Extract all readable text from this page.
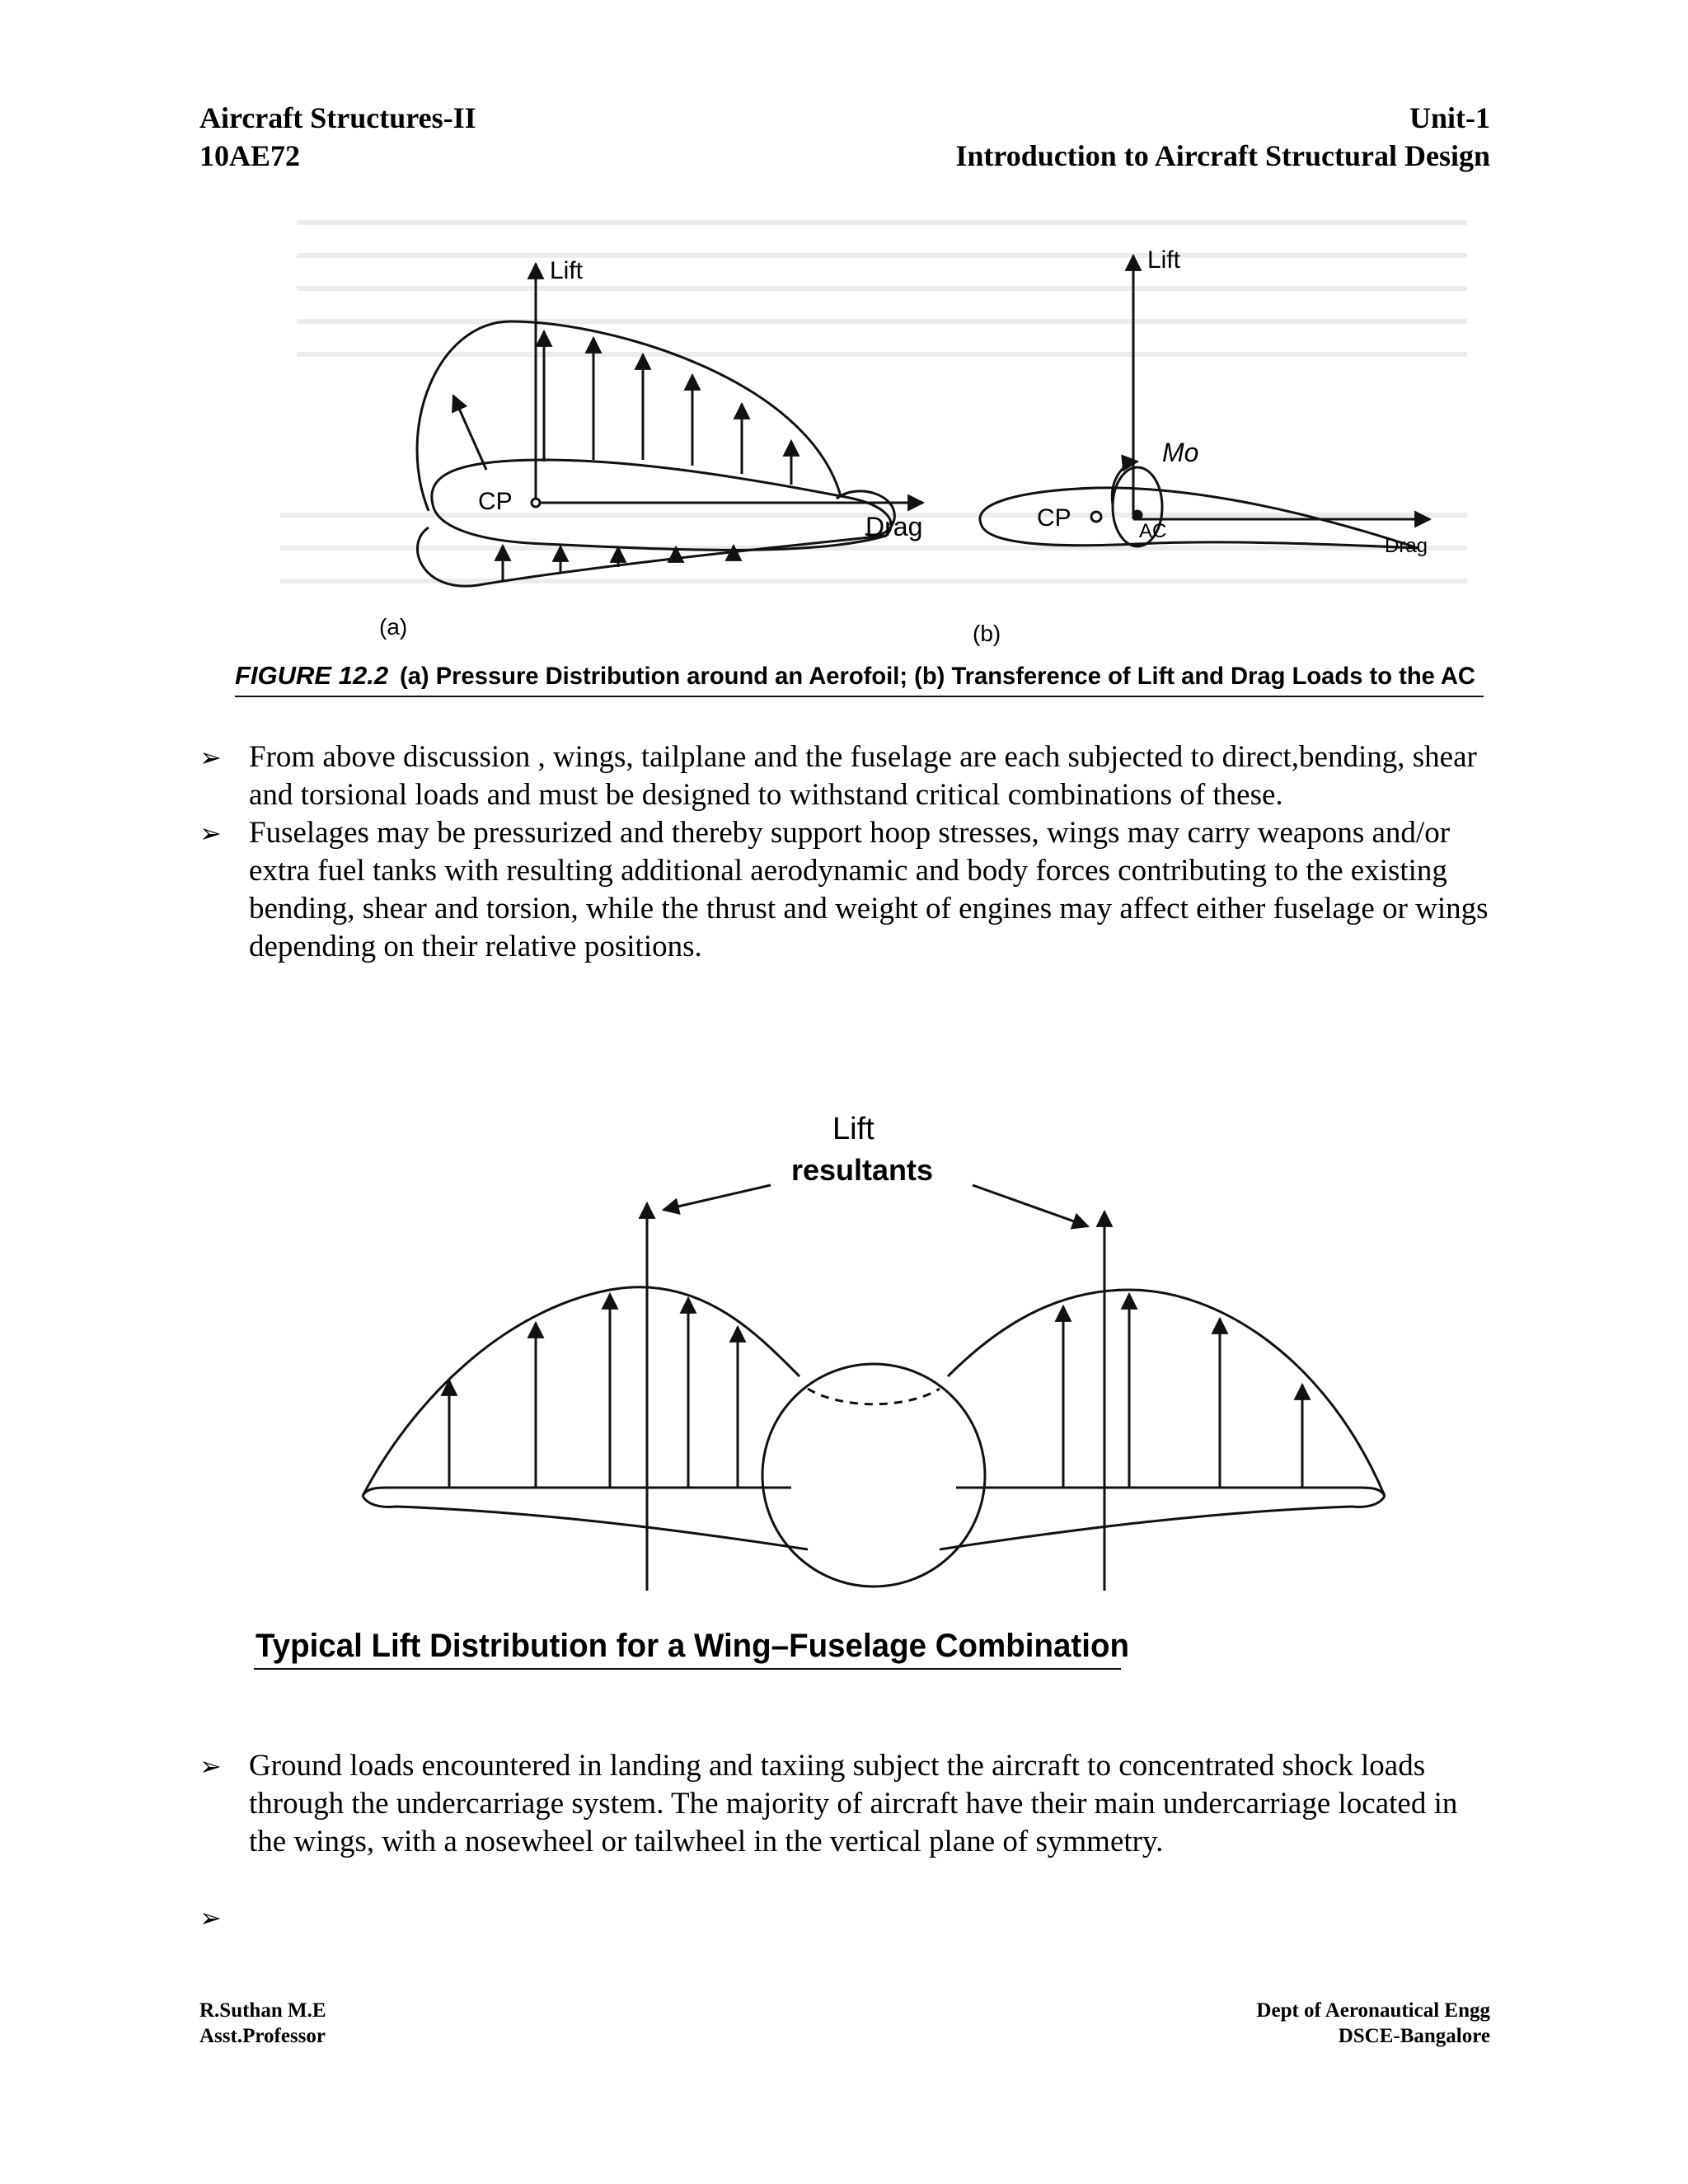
Aircraft Structures-II
10AE72
Unit-1
Introduction to Aircraft Structural Design
Lift
CP
Drag
(a)
Lift
Mo
CP	AC
Drag
(b)
FIGURE 12.2 (a) Pressure Distribution around an Aerofoil; (b) Transference of Lift and Drag Loads to the AC
➢ From above discussion , wings, tailplane and the fuselage are each subjected to direct,bending, shear and torsional loads and must be designed to withstand critical combinations of these.
➢ Fuselages may be pressurized and thereby support hoop stresses, wings may carry weapons and/or extra fuel tanks with resulting additional aerodynamic and body forces contributing to the existing bending, shear and torsion, while the thrust and weight of engines may affect either fuselage or wings depending on their relative positions.
Lift
resultants
Typical Lift Distribution for a Wing–Fuselage Combination
➢ Ground loads encountered in landing and taxiing subject the aircraft to concentrated shock loads through the undercarriage system. The majority of aircraft have their main undercarriage located in the wings, with a nosewheel or tailwheel in the vertical plane of symmetry.
➢
R.Suthan M.E
Asst.Professor
Dept of Aeronautical Engg
DSCE-Bangalore
